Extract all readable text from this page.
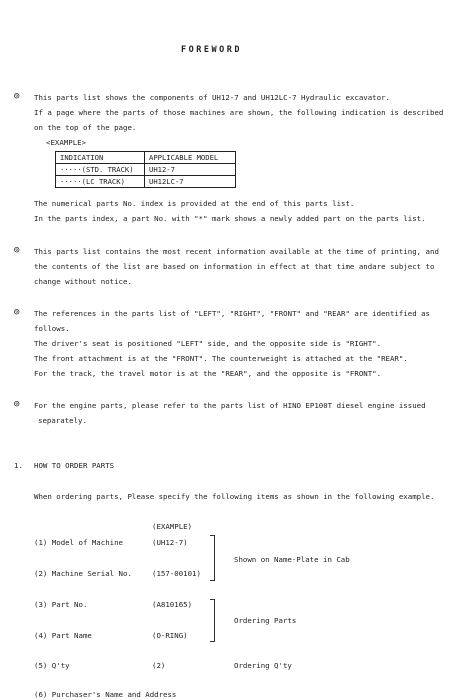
FOREWORD
◎ This parts list shows the components of UH12-7 and UH12LC-7 Hydraulic excavator.
If a page where the parts of those machines are shown, the following indication is described
on the top of the page.
<EXAMPLE>
INDICATION	APPLICABLE MODEL
·····(STD. TRACK)	UH12-7
·····(LC TRACK)	UH12LC-7
The numerical parts No. index is provided at the end of this parts list.
In the parts index, a part No. with "*" mark shows a newly added part on the parts list.
◎ This parts list contains the most recent information available at the time of printing, and
the contents of the list are based on information in effect at that time andare subject to
change without notice.
◎ The references in the parts list of "LEFT", "RIGHT", "FRONT" and "REAR" are identified as
follows.
The driver's seat is positioned "LEFT" side, and the opposite side is "RIGHT".
The front attachment is at the "FRONT". The counterweight is attached at the "REAR".
For the track, the travel motor is at the "REAR", and the opposite is "FRONT".
◎ For the engine parts, please refer to the parts list of HINO EP100T diesel engine issued
separately.
1. HOW TO ORDER PARTS
When ordering parts, Please specify the following items as shown in the following example.
(EXAMPLE)
(1) Model of Machine	(UH12-7)
(2) Machine Serial No.	(157-00101)
Shown on Name-Plate in Cab
(3) Part No.	(A810165)
(4) Part Name	(O-RING)
Ordering Parts
(5) Q'ty	(2)	Ordering Q'ty
(6) Purchaser's Name and Address
